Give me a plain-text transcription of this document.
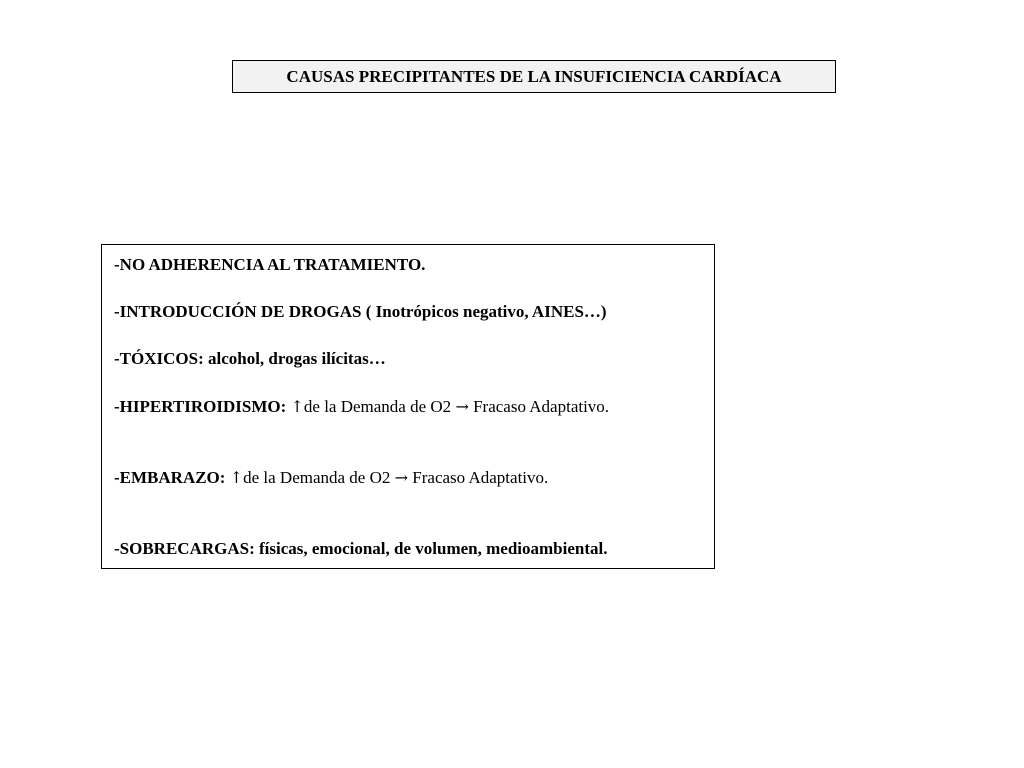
CAUSAS PRECIPITANTES DE LA INSUFICIENCIA CARDÍACA
-NO ADHERENCIA AL TRATAMIENTO.
-INTRODUCCIÓN DE DROGAS ( Inotrópicos negativo, AINES…)
-TÓXICOS: alcohol, drogas ilícitas…
-HIPERTIROIDISMO: ↑de la Demanda de O2 → Fracaso Adaptativo.
-EMBARAZO: ↑de la Demanda de O2 → Fracaso Adaptativo.
-SOBRECARGAS: físicas, emocional, de volumen, medioambiental.
